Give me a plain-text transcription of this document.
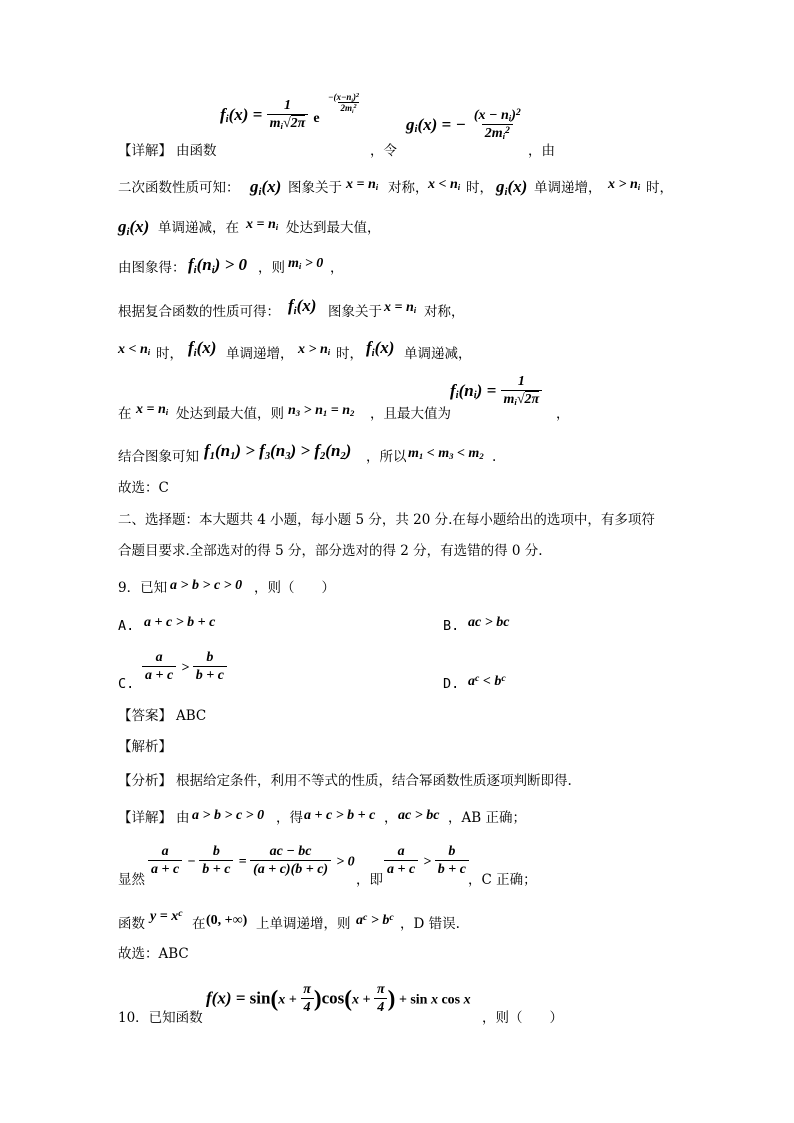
$fi(x) = \frac{1}{mi√2\pi}$ e
$-(x-ni)^2$
$2mi^2$
【详解】 由函数	，令
gi(x) = − $\frac{(x - ni)^2}{2mi^2}$
，由
二次函数性质可知： gi(x) 图象关于 x = ni 对称， x < ni 时， gi(x) 单调递增， x > ni 时，
gi(x) 单调递减，在 x = ni 处达到最大值，
由图象得： fi(ni) > 0 ，则 mi > 0 ，
根据复合函数的性质可得： fi(x) 图象关于 x = ni 对称，
x < ni 时， fi(x) 单调递增， x > ni 时， fi(x) 单调递减，
在 x = ni 处达到最大值，则 n3 > n1 = n2 ，且最大值为
$fi(ni) = \frac{1}{mi√2\pi}$
，
结合图象可知 f1(n1) > f3(n3) > f2(n2) ，所以 m1 < m3 < m2 .
故选：C
二、选择题：本大题共 4 小题，每小题 5 分，共 20 分.在每小题给出的选项中，有多项符
合题目要求.全部选对的得 5 分，部分选对的得 2 分，有选错的得 0 分.
9．已知 a > b > c > 0 ，则（　　）
A. a + c > b + c	B. ac > bc
C. $\frac{a}{a + c} > \frac{b}{b + c}$	D. $a^c < b^c$
【答案】 ABC
【解析】
【分析】 根据给定条件，利用不等式的性质，结合幂函数性质逐项判断即得.
【详解】 由 a > b > c > 0 ，得 a + c > b + c ， ac > bc ，AB 正确；
显然
$\frac{a}{a + c} - \frac{b}{b + c} = \frac{ac - bc}{(a + c)(b + c)} > 0$
，即
$\frac{a}{a + c} > \frac{b}{b + c}$
，C 正确；
函数 $y = x^c$
在 (0, +∞) 上单调递增，则 $a^c > b^c$ ，D 错误.
故选：ABC
10．已知函数
$f(x) = \sin(x + \frac{\pi}{4} )\cos(x + \frac{\pi}{4}$ ) + sin x cos x
，则（　　）
